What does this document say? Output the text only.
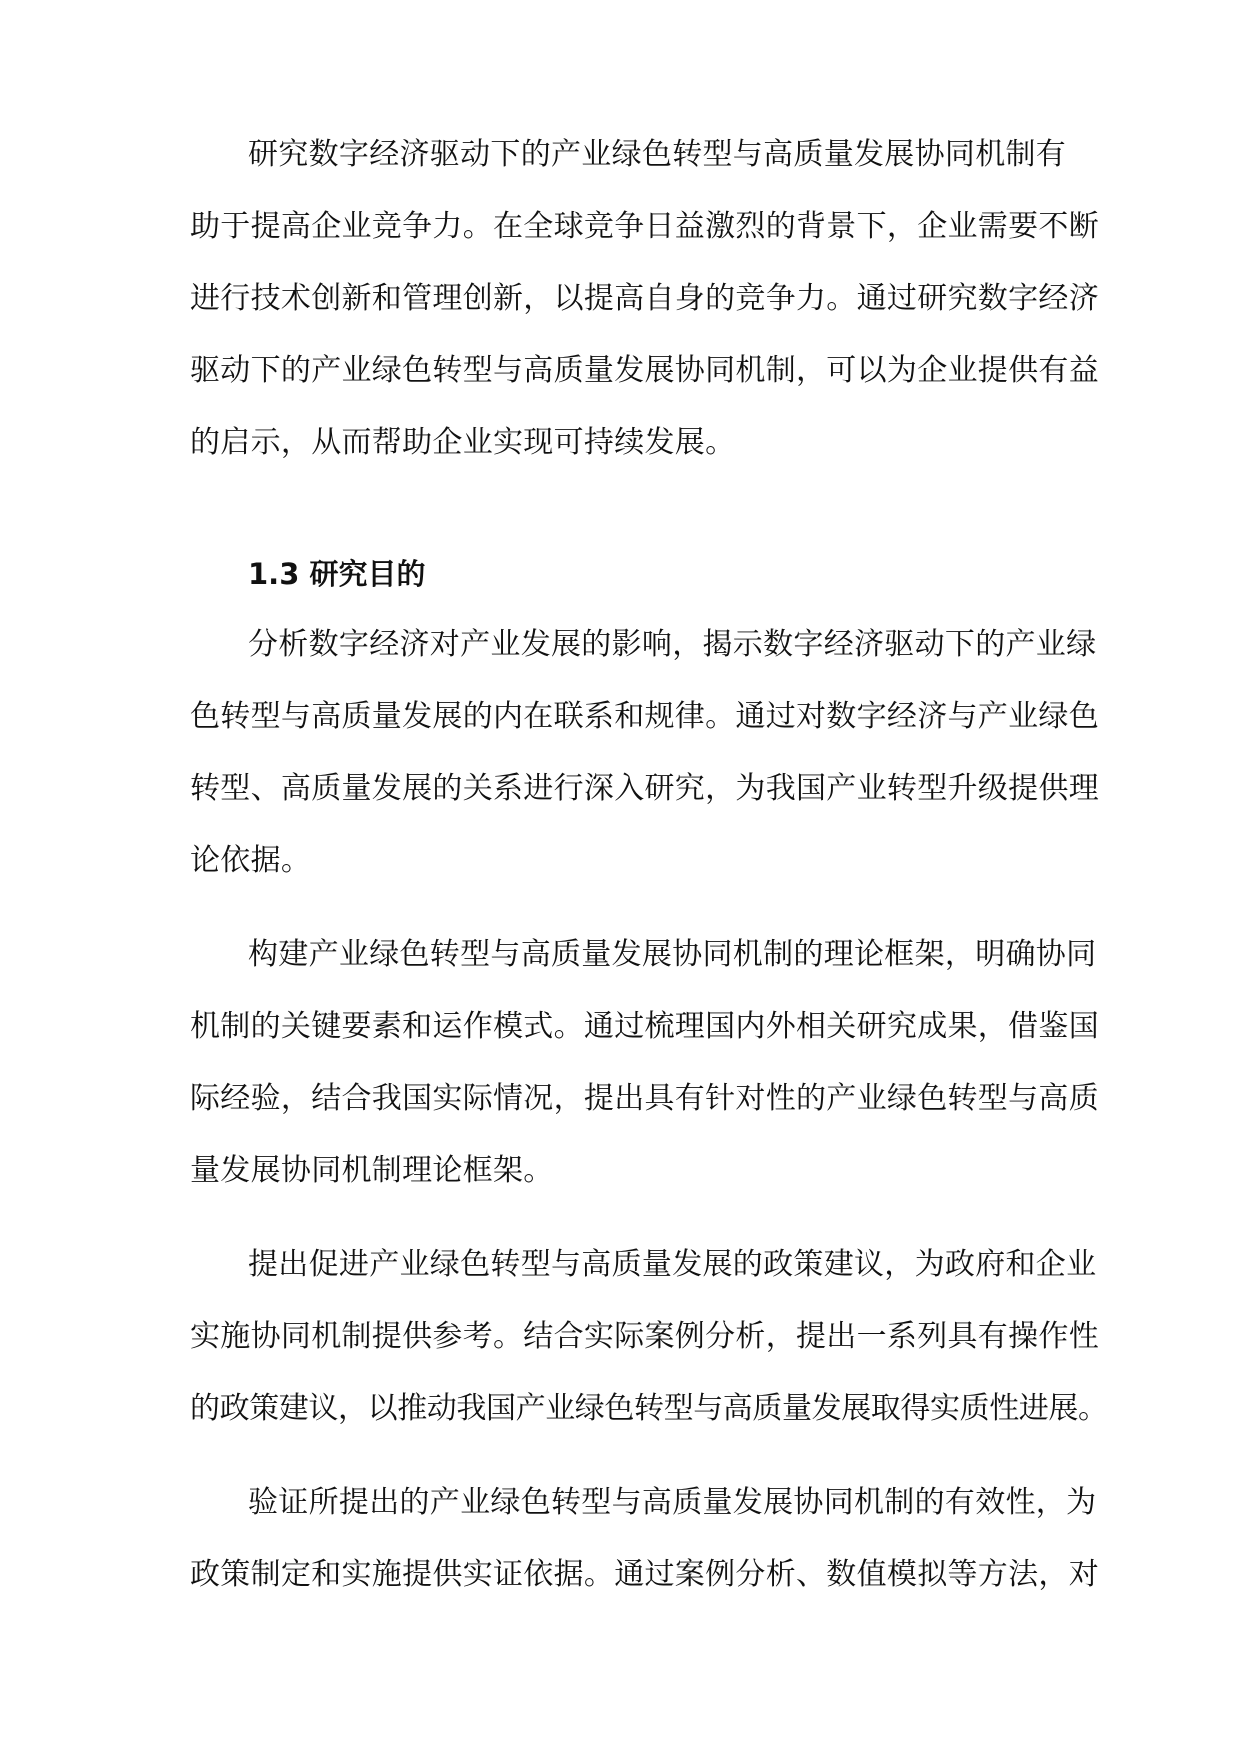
研究数字经济驱动下的产业绿色转型与高质量发展协同机制有
助于提高企业竞争力。在全球竞争日益激烈的背景下，企业需要不断
进行技术创新和管理创新，以提高自身的竞争力。通过研究数字经济
驱动下的产业绿色转型与高质量发展协同机制，可以为企业提供有益
的启示，从而帮助企业实现可持续发展。
1.3 研究目的
分析数字经济对产业发展的影响，揭示数字经济驱动下的产业绿
色转型与高质量发展的内在联系和规律。通过对数字经济与产业绿色
转型、高质量发展的关系进行深入研究，为我国产业转型升级提供理
论依据。
构建产业绿色转型与高质量发展协同机制的理论框架，明确协同
机制的关键要素和运作模式。通过梳理国内外相关研究成果，借鉴国
际经验，结合我国实际情况，提出具有针对性的产业绿色转型与高质
量发展协同机制理论框架。
提出促进产业绿色转型与高质量发展的政策建议，为政府和企业
实施协同机制提供参考。结合实际案例分析，提出一系列具有操作性
的政策建议，以推动我国产业绿色转型与高质量发展取得实质性进展。
验证所提出的产业绿色转型与高质量发展协同机制的有效性，为
政策制定和实施提供实证依据。通过案例分析、数值模拟等方法，对
